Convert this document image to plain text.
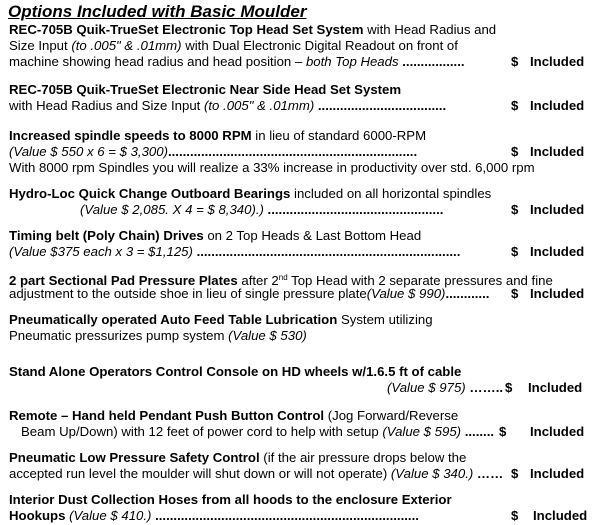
Options Included with Basic Moulder
REC-705B Quik-TrueSet Electronic Top Head Set System with Head Radius and
Size Input (to .005" & .01mm) with Dual Electronic Digital Readout on front of
machine showing head radius and head position – both Top Heads .................	$ Included
REC-705B Quik-TrueSet Electronic Near Side Head Set System
with Head Radius and Size Input (to .005" & .01mm) ...................................	$ Included
Increased spindle speeds to 8000 RPM in lieu of standard 6000-RPM
(Value $ 550 x 6 = $ 3,300)....................................................................	$ Included
With 8000 rpm Spindles you will realize a 33% increase in productivity over std. 6,000 rpm
Hydro-Loc Quick Change Outboard Bearings included on all horizontal spindles
(Value $ 2,085. X 4 = $ 8,340).) ................................................	$ Included
Timing belt (Poly Chain) Drives on 2 Top Heads & Last Bottom Head
(Value $375 each x 3 = $1,125) ........................................................................	$ Included
2 part Sectional Pad Pressure Plates after 2nd Top Head with 2 separate pressures and fine
adjustment to the outside shoe in lieu of single pressure plate(Value $ 990)............ $ Included
Pneumatically operated Auto Feed Table Lubrication System utilizing
Pneumatic pressurizes pump system (Value $ 530)
Stand Alone Operators Control Console on HD wheels w/1.6.5 ft of cable
(Value $ 975) …….. $ Included
Remote – Hand held Pendant Push Button Control (Jog Forward/Reverse
Beam Up/Down) with 12 feet of power cord to help with setup (Value $ 595) ........ $ Included
Pneumatic Low Pressure Safety Control (if the air pressure drops below the
accepted run level the moulder will shut down or will not operate) (Value $ 340.) …… $ Included
Interior Dust Collection Hoses from all hoods to the enclosure Exterior
Hookups (Value $ 410.) ........................................................................	$ Included
